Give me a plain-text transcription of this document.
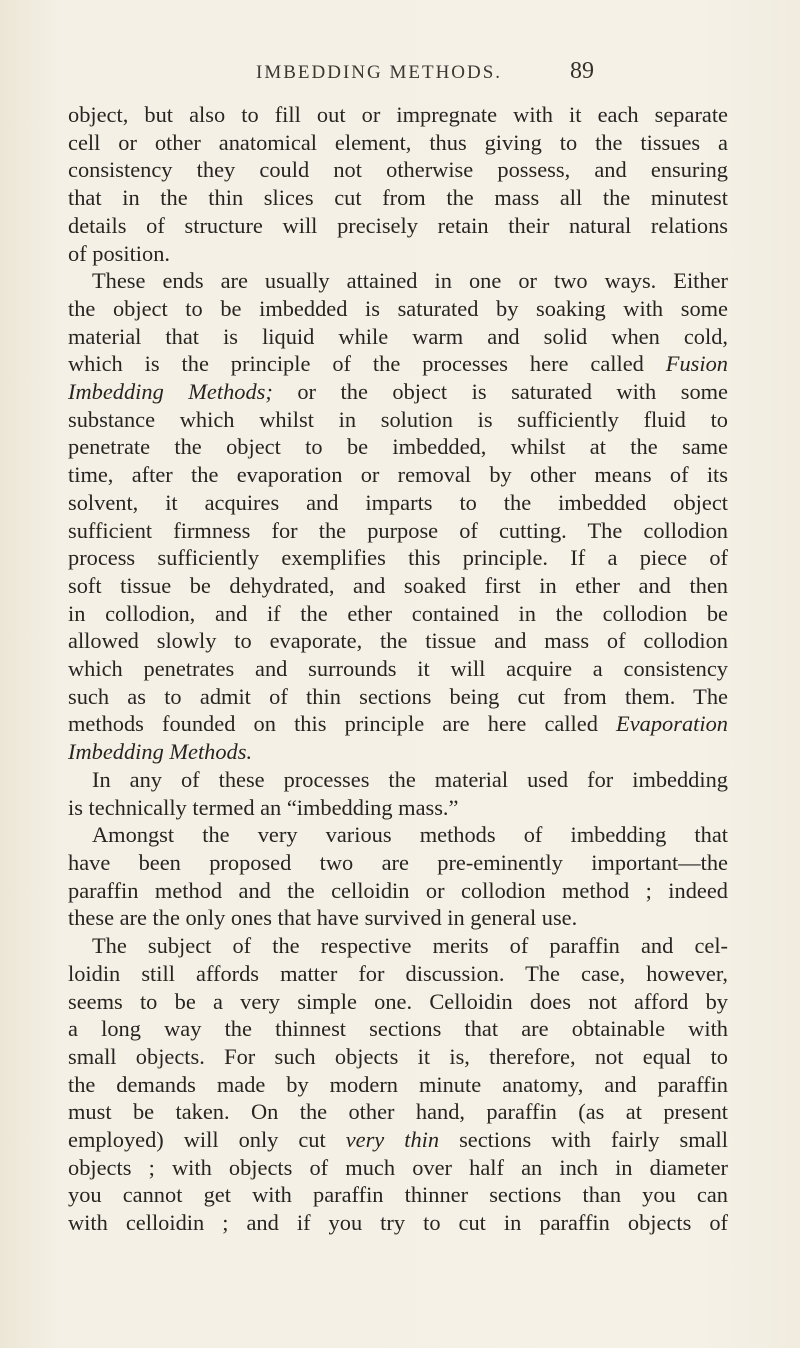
IMBEDDING METHODS.	89
object, but also to fill out or impregnate with it each separate
cell or other anatomical element, thus giving to the tissues a
consistency they could not otherwise possess, and ensuring
that in the thin slices cut from the mass all the minutest
details of structure will precisely retain their natural relations
of position.
These ends are usually attained in one or two ways. Either
the object to be imbedded is saturated by soaking with some
material that is liquid while warm and solid when cold,
which is the principle of the processes here called Fusion
Imbedding Methods; or the object is saturated with some
substance which whilst in solution is sufficiently fluid to
penetrate the object to be imbedded, whilst at the same
time, after the evaporation or removal by other means of its
solvent, it acquires and imparts to the imbedded object
sufficient firmness for the purpose of cutting. The collodion
process sufficiently exemplifies this principle. If a piece of
soft tissue be dehydrated, and soaked first in ether and then
in collodion, and if the ether contained in the collodion be
allowed slowly to evaporate, the tissue and mass of collodion
which penetrates and surrounds it will acquire a consistency
such as to admit of thin sections being cut from them. The
methods founded on this principle are here called Evaporation
Imbedding Methods.
In any of these processes the material used for imbedding
is technically termed an “imbedding mass.”
Amongst the very various methods of imbedding that
have been proposed two are pre-eminently important—the
paraffin method and the celloidin or collodion method ; indeed
these are the only ones that have survived in general use.
The subject of the respective merits of paraffin and cel-
loidin still affords matter for discussion. The case, however,
seems to be a very simple one. Celloidin does not afford by
a long way the thinnest sections that are obtainable with
small objects. For such objects it is, therefore, not equal to
the demands made by modern minute anatomy, and paraffin
must be taken. On the other hand, paraffin (as at present
employed) will only cut very thin sections with fairly small
objects ; with objects of much over half an inch in diameter
you cannot get with paraffin thinner sections than you can
with celloidin ; and if you try to cut in paraffin objects of
